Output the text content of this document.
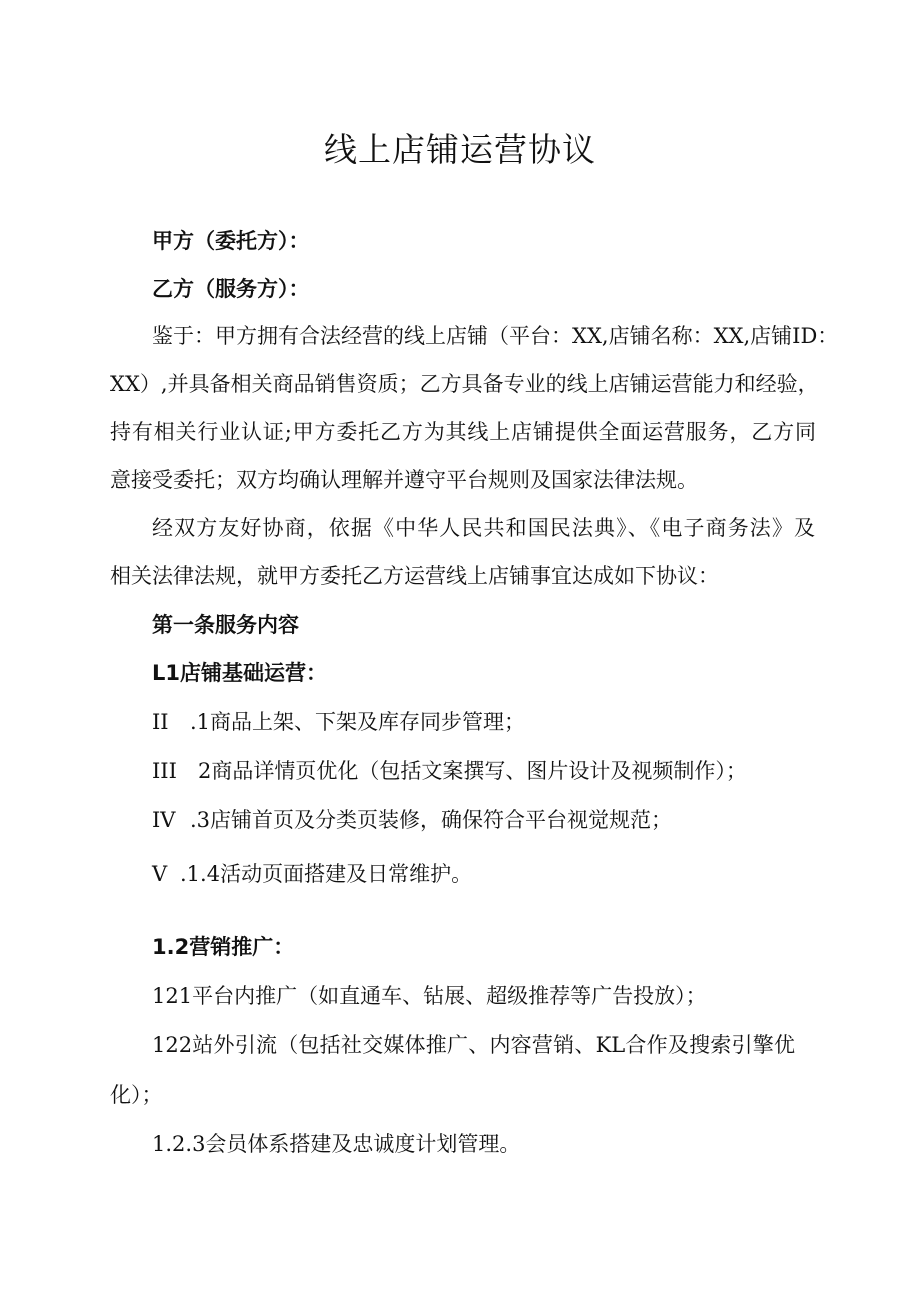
线上店铺运营协议
甲方（委托方）：
乙方（服务方）：
鉴于：甲方拥有合法经营的线上店铺（平台：XX,店铺名称：XX,店铺ID：
XX）,并具备相关商品销售资质；乙方具备专业的线上店铺运营能力和经验，
持有相关行业认证;甲方委托乙方为其线上店铺提供全面运营服务，乙方同
意接受委托；双方均确认理解并遵守平台规则及国家法律法规。
经双方友好协商，依据《中华人民共和国民法典》、《电子商务法》及
相关法律法规，就甲方委托乙方运营线上店铺事宜达成如下协议：
第一条服务内容
L1店铺基础运营：
II .1商品上架、下架及库存同步管理；
III 2商品详情页优化（包括文案撰写、图片设计及视频制作）；
IV .3店铺首页及分类页装修，确保符合平台视觉规范；
V .1.4活动页面搭建及日常维护。
1.2营销推广：
121平台内推广（如直通车、钻展、超级推荐等广告投放）；
122站外引流（包括社交媒体推广、内容营销、KL合作及搜索引擎优
化）；
1.2.3会员体系搭建及忠诚度计划管理。
